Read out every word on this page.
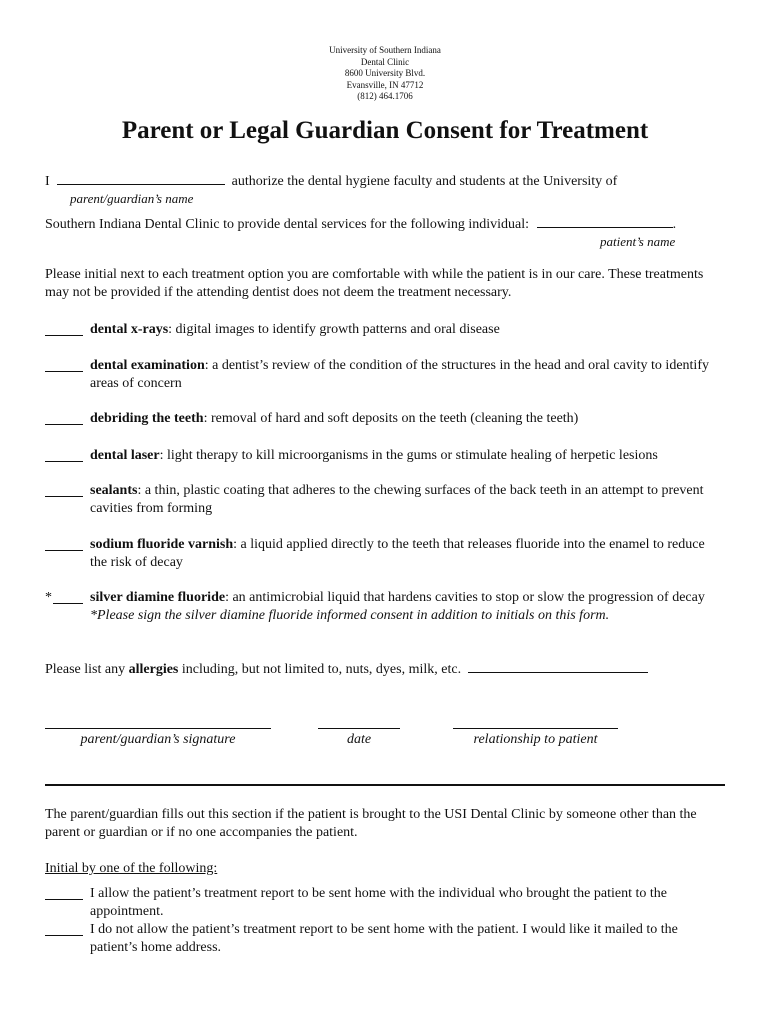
University of Southern Indiana
Dental Clinic
8600 University Blvd.
Evansville, IN 47712
(812) 464.1706
Parent or Legal Guardian Consent for Treatment
I	authorize the dental hygiene faculty and students at the University of
parent/guardian’s name
Southern Indiana Dental Clinic to provide dental services for the following individual:	.
patient’s name
Please initial next to each treatment option you are comfortable with while the patient is in our care. These treatments may not be provided if the attending dentist does not deem the treatment necessary.
dental x-rays: digital images to identify growth patterns and oral disease
dental examination: a dentist’s review of the condition of the structures in the head and oral cavity to identify areas of concern
debriding the teeth: removal of hard and soft deposits on the teeth (cleaning the teeth)
dental laser: light therapy to kill microorganisms in the gums or stimulate healing of herpetic lesions
sealants: a thin, plastic coating that adheres to the chewing surfaces of the back teeth in an attempt to prevent cavities from forming
sodium fluoride varnish: a liquid applied directly to the teeth that releases fluoride into the enamel to reduce the risk of decay
*	silver diamine fluoride: an antimicrobial liquid that hardens cavities to stop or slow the progression of decay
*Please sign the silver diamine fluoride informed consent in addition to initials on this form.
Please list any allergies including, but not limited to, nuts, dyes, milk, etc.
parent/guardian’s signature	date	relationship to patient
The parent/guardian fills out this section if the patient is brought to the USI Dental Clinic by someone other than the parent or guardian or if no one accompanies the patient.
Initial by one of the following:
I allow the patient’s treatment report to be sent home with the individual who brought the patient to the appointment.
I do not allow the patient’s treatment report to be sent home with the patient. I would like it mailed to the patient’s home address.
